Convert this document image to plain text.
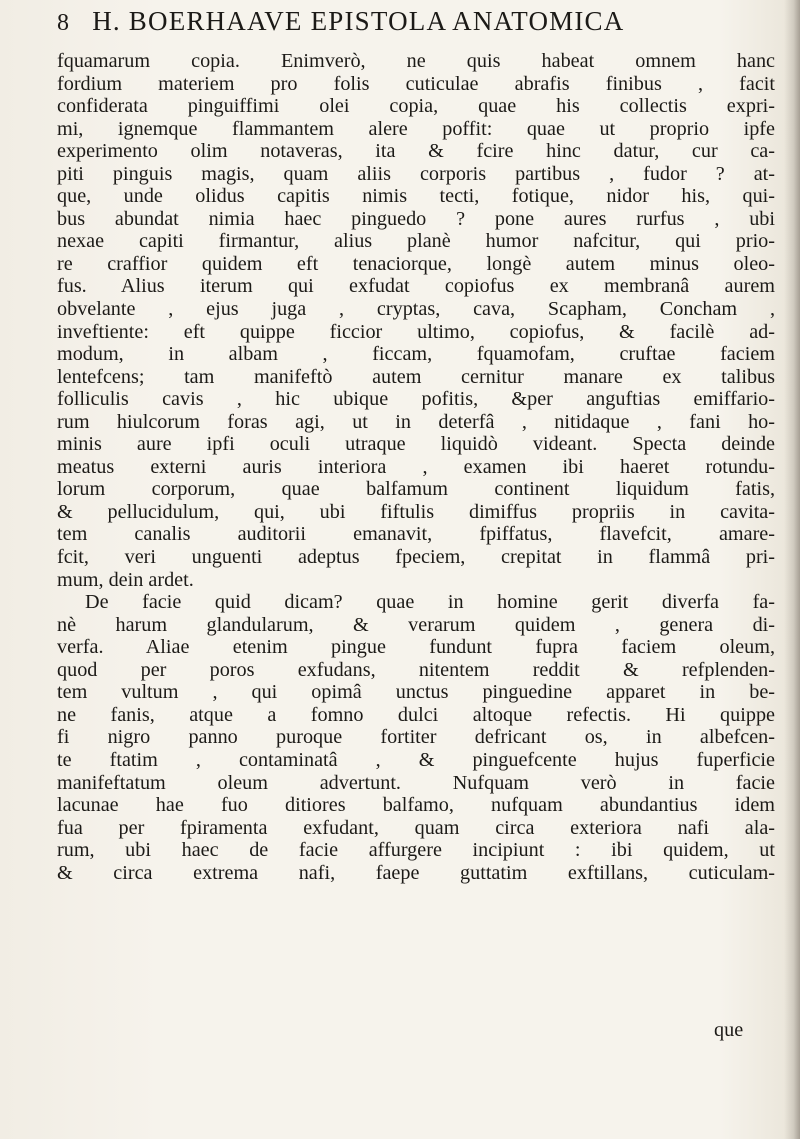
8 H. BOERHAAVE EPISTOLA ANATOMICA
fquamarum copia. Enimverò, ne quis habeat omnem hanc
fordium materiem pro folis cuticulae abrafis finibus , facit
confiderata pinguiffimi olei copia, quae his collectis expri-
mi, ignemque flammantem alere poffit: quae ut proprio ipfe
experimento olim notaveras, ita & fcire hinc datur, cur ca-
piti pinguis magis, quam aliis corporis partibus , fudor ? at-
que, unde olidus capitis nimis tecti, fotique, nidor his, qui-
bus abundat nimia haec pinguedo ? pone aures rurfus , ubi
nexae capiti firmantur, alius planè humor nafcitur, qui prio-
re craffior quidem eft tenaciorque, longè autem minus oleo-
fus. Alius iterum qui exfudat copiofus ex membranâ aurem
obvelante , ejus juga , cryptas, cava, Scapham, Concham ,
inveftiente: eft quippe ficcior ultimo, copiofus, & facilè ad-
modum, in albam , ficcam, fquamofam, cruftae faciem
lentefcens; tam manifeftò autem cernitur manare ex talibus
folliculis cavis , hic ubique pofitis, &per anguftias emiffario-
rum hiulcorum foras agi, ut in deterfâ , nitidaque , fani ho-
minis aure ipfi oculi utraque liquidò videant. Specta deinde
meatus externi auris interiora , examen ibi haeret rotundu-
lorum corporum, quae balfamum continent liquidum fatis,
& pellucidulum, qui, ubi fiftulis dimiffus propriis in cavita-
tem canalis auditorii emanavit, fpiffatus, flavefcit, amare-
fcit, veri unguenti adeptus fpeciem, crepitat in flammâ pri-
mum, dein ardet.
De facie quid dicam? quae in homine gerit diverfa fa-
nè harum glandularum, & verarum quidem , genera di-
verfa. Aliae etenim pingue fundunt fupra faciem oleum,
quod per poros exfudans, nitentem reddit & refplenden-
tem vultum , qui opimâ unctus pinguedine apparet in be-
ne fanis, atque a fomno dulci altoque refectis. Hi quippe
fi nigro panno puroque fortiter defricant os, in albefcen-
te ftatim , contaminatâ , & pinguefcente hujus fuperficie
manifeftatum oleum advertunt. Nufquam verò in facie
lacunae hae fuo ditiores balfamo, nufquam abundantius idem
fua per fpiramenta exfudant, quam circa exteriora nafi ala-
rum, ubi haec de facie affurgere incipiunt : ibi quidem, ut
& circa extrema nafi, faepe guttatim exftillans, cuticulam-
que
